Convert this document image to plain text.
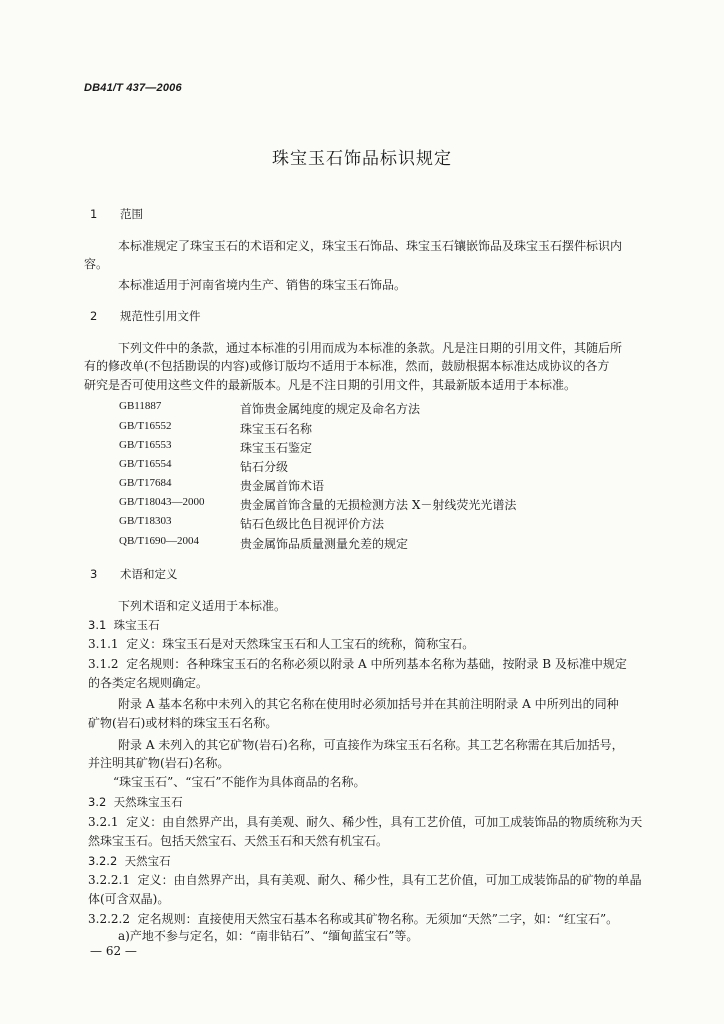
DB41/T 437—2006
珠宝玉石饰品标识规定
1 范围
本标准规定了珠宝玉石的术语和定义，珠宝玉石饰品、珠宝玉石镶嵌饰品及珠宝玉石摆件标识内
容。
本标准适用于河南省境内生产、销售的珠宝玉石饰品。
2 规范性引用文件
下列文件中的条款，通过本标准的引用而成为本标准的条款。凡是注日期的引用文件，其随后所
有的修改单(不包括勘误的内容)或修订版均不适用于本标准，然而，鼓励根据本标准达成协议的各方
研究是否可使用这些文件的最新版本。凡是不注日期的引用文件，其最新版本适用于本标准。
GB11887	首饰贵金属纯度的规定及命名方法
GB/T16552	珠宝玉石名称
GB/T16553	珠宝玉石鉴定
GB/T16554	钻石分级
GB/T17684	贵金属首饰术语
GB/T18043—2000	贵金属首饰含量的无损检测方法 X－射线荧光光谱法
GB/T18303	钻石色级比色目视评价方法
QB/T1690—2004	贵金属饰品质量测量允差的规定
3 术语和定义
下列术语和定义适用于本标准。
3.1 珠宝玉石
3.1.1 定义：珠宝玉石是对天然珠宝玉石和人工宝石的统称，简称宝石。
3.1.2 定名规则：各种珠宝玉石的名称必须以附录 A 中所列基本名称为基础，按附录 B 及标准中规定
的各类定名规则确定。
附录 A 基本名称中未列入的其它名称在使用时必须加括号并在其前注明附录 A 中所列出的同种
矿物(岩石)或材料的珠宝玉石名称。
附录 A 未列入的其它矿物(岩石)名称，可直接作为珠宝玉石名称。其工艺名称需在其后加括号，
并注明其矿物(岩石)名称。
“珠宝玉石”、“宝石”不能作为具体商品的名称。
3.2 天然珠宝玉石
3.2.1 定义：由自然界产出，具有美观、耐久、稀少性，具有工艺价值，可加工成装饰品的物质统称为天
然珠宝玉石。包括天然宝石、天然玉石和天然有机宝石。
3.2.2 天然宝石
3.2.2.1 定义：由自然界产出，具有美观、耐久、稀少性，具有工艺价值，可加工成装饰品的矿物的单晶
体(可含双晶)。
3.2.2.2 定名规则：直接使用天然宝石基本名称或其矿物名称。无须加“天然”二字，如：“红宝石”。
a)产地不参与定名，如：“南非钻石”、“缅甸蓝宝石”等。
— 62 —
